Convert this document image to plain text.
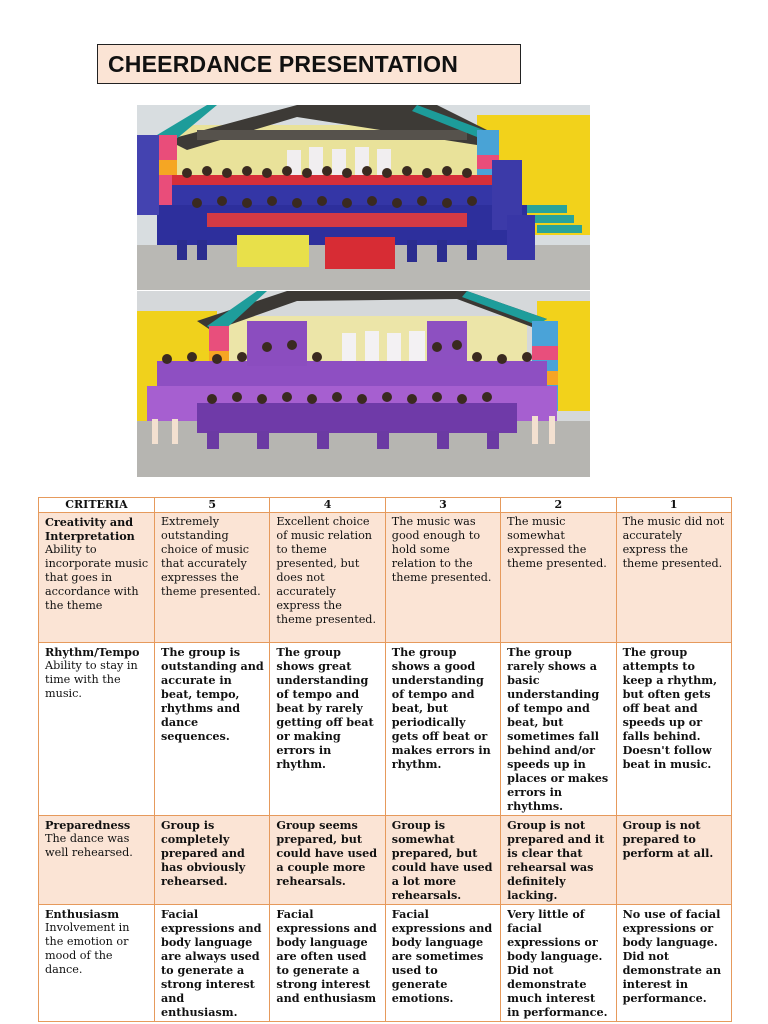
CHEERDANCE PRESENTATION
CRITERIA	5	4	3	2	1

Creativity and Interpretation
Ability to incorporate music that goes in accordance with the theme	Extremely outstanding choice of music that accurately expresses the theme presented.	Excellent choice of music relation to theme presented, but does not accurately express the theme presented.	The music was good enough to hold some relation to the theme presented.	The music somewhat expressed the theme presented.	The music did not accurately express the theme presented.

Rhythm/Tempo
Ability to stay in time with the music.	The group is outstanding and accurate in beat, tempo, rhythms and dance sequences.	The group shows great understanding of tempo and beat by rarely getting off beat or making errors in rhythm.	The group shows a good understanding of tempo and beat, but periodically gets off beat or makes errors in rhythm.	The group rarely shows a basic understanding of tempo and beat, but sometimes fall behind and/or speeds up in places or makes errors in rhythms.	The group attempts to keep a rhythm, but often gets off beat and speeds up or falls behind. Doesn't follow beat in music.

Preparedness
The dance was well rehearsed.	Group is completely prepared and has obviously rehearsed.	Group seems prepared, but could have used a couple more rehearsals.	Group is somewhat prepared, but could have used a lot more rehearsals.	Group is not prepared and it is clear that rehearsal was definitely lacking.	Group is not prepared to perform at all.

Enthusiasm
Involvement in the emotion or mood of the dance.	Facial expressions and body language are always used to generate a strong interest and enthusiasm.	Facial expressions and body language are often used to generate a strong interest and enthusiasm	Facial expressions and body language are sometimes used to generate emotions.	Very little of facial expressions or body language. Did not demonstrate much interest in performance.	No use of facial expressions or body language. Did not demonstrate an interest in performance.
